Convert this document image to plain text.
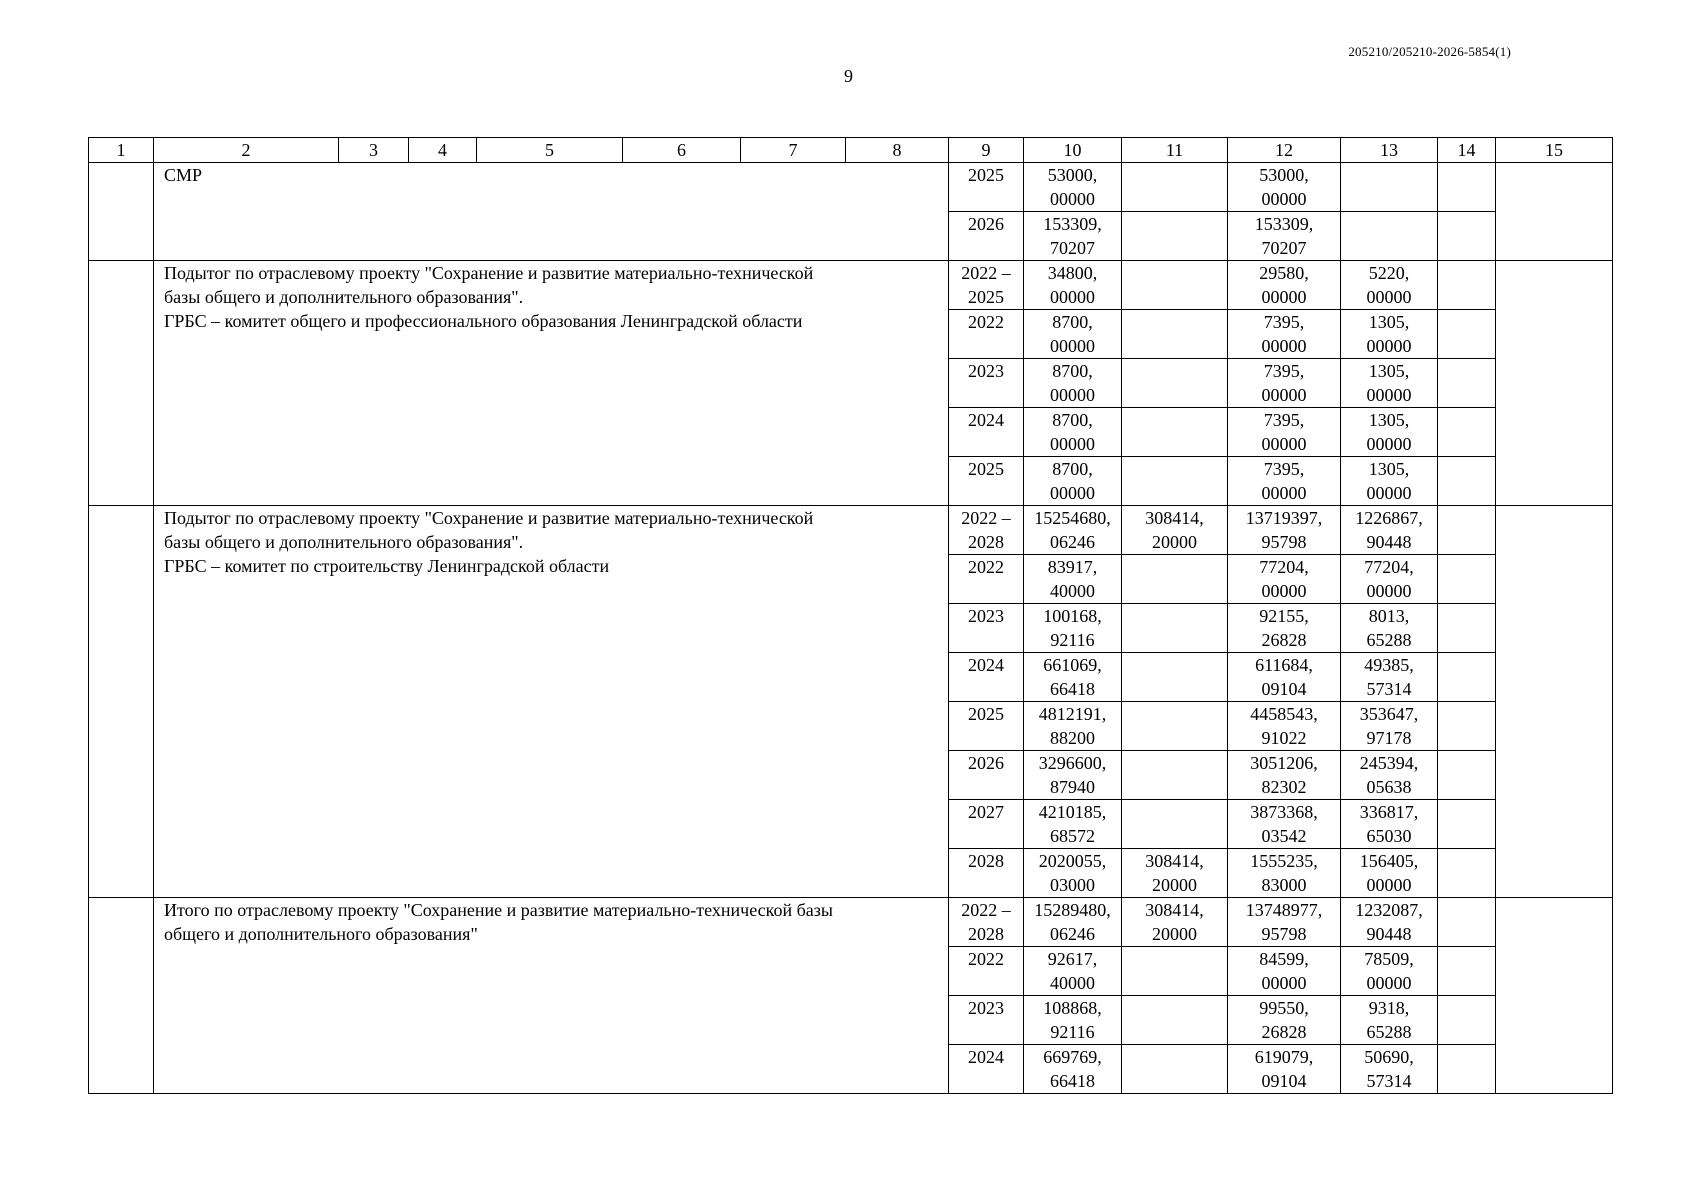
205210/205210-2026-5854(1)
9
1	2	3	4	5	6	7	8	9	10	11	12	13	14	15

	СМР							2025	53000,
00000		53000,
00000			

								2026	153309,
70207		153309,
70207			

	Подытог по отраслевому проекту "Сохранение и развитие материально-технической
базы общего и дополнительного образования".
ГРБС – комитет общего и профессионального образования Ленинградской области							2022 –
2025	34800,
00000		29580,
00000	5220,
00000		

								2022	8700,
00000		7395,
00000	1305,
00000		

								2023	8700,
00000		7395,
00000	1305,
00000		

								2024	8700,
00000		7395,
00000	1305,
00000		

								2025	8700,
00000		7395,
00000	1305,
00000		

	Подытог по отраслевому проекту "Сохранение и развитие материально-технической
базы общего и дополнительного образования".
ГРБС – комитет по строительству Ленинградской области							2022 –
2028	15254680,
06246	308414,
20000	13719397,
95798	1226867,
90448		

								2022	83917,
40000		77204,
00000	77204,
00000		

								2023	100168,
92116		92155,
26828	8013,
65288		

								2024	661069,
66418		611684,
09104	49385,
57314		

								2025	4812191,
88200		4458543,
91022	353647,
97178		

								2026	3296600,
87940		3051206,
82302	245394,
05638		

								2027	4210185,
68572		3873368,
03542	336817,
65030		

								2028	2020055,
03000	308414,
20000	1555235,
83000	156405,
00000		

	Итого по отраслевому проекту "Сохранение и развитие материально-технической базы
общего и дополнительного образования"							2022 –
2028	15289480,
06246	308414,
20000	13748977,
95798	1232087,
90448		

								2022	92617,
40000		84599,
00000	78509,
00000		

								2023	108868,
92116		99550,
26828	9318,
65288		

								2024	669769,
66418		619079,
09104	50690,
57314		
